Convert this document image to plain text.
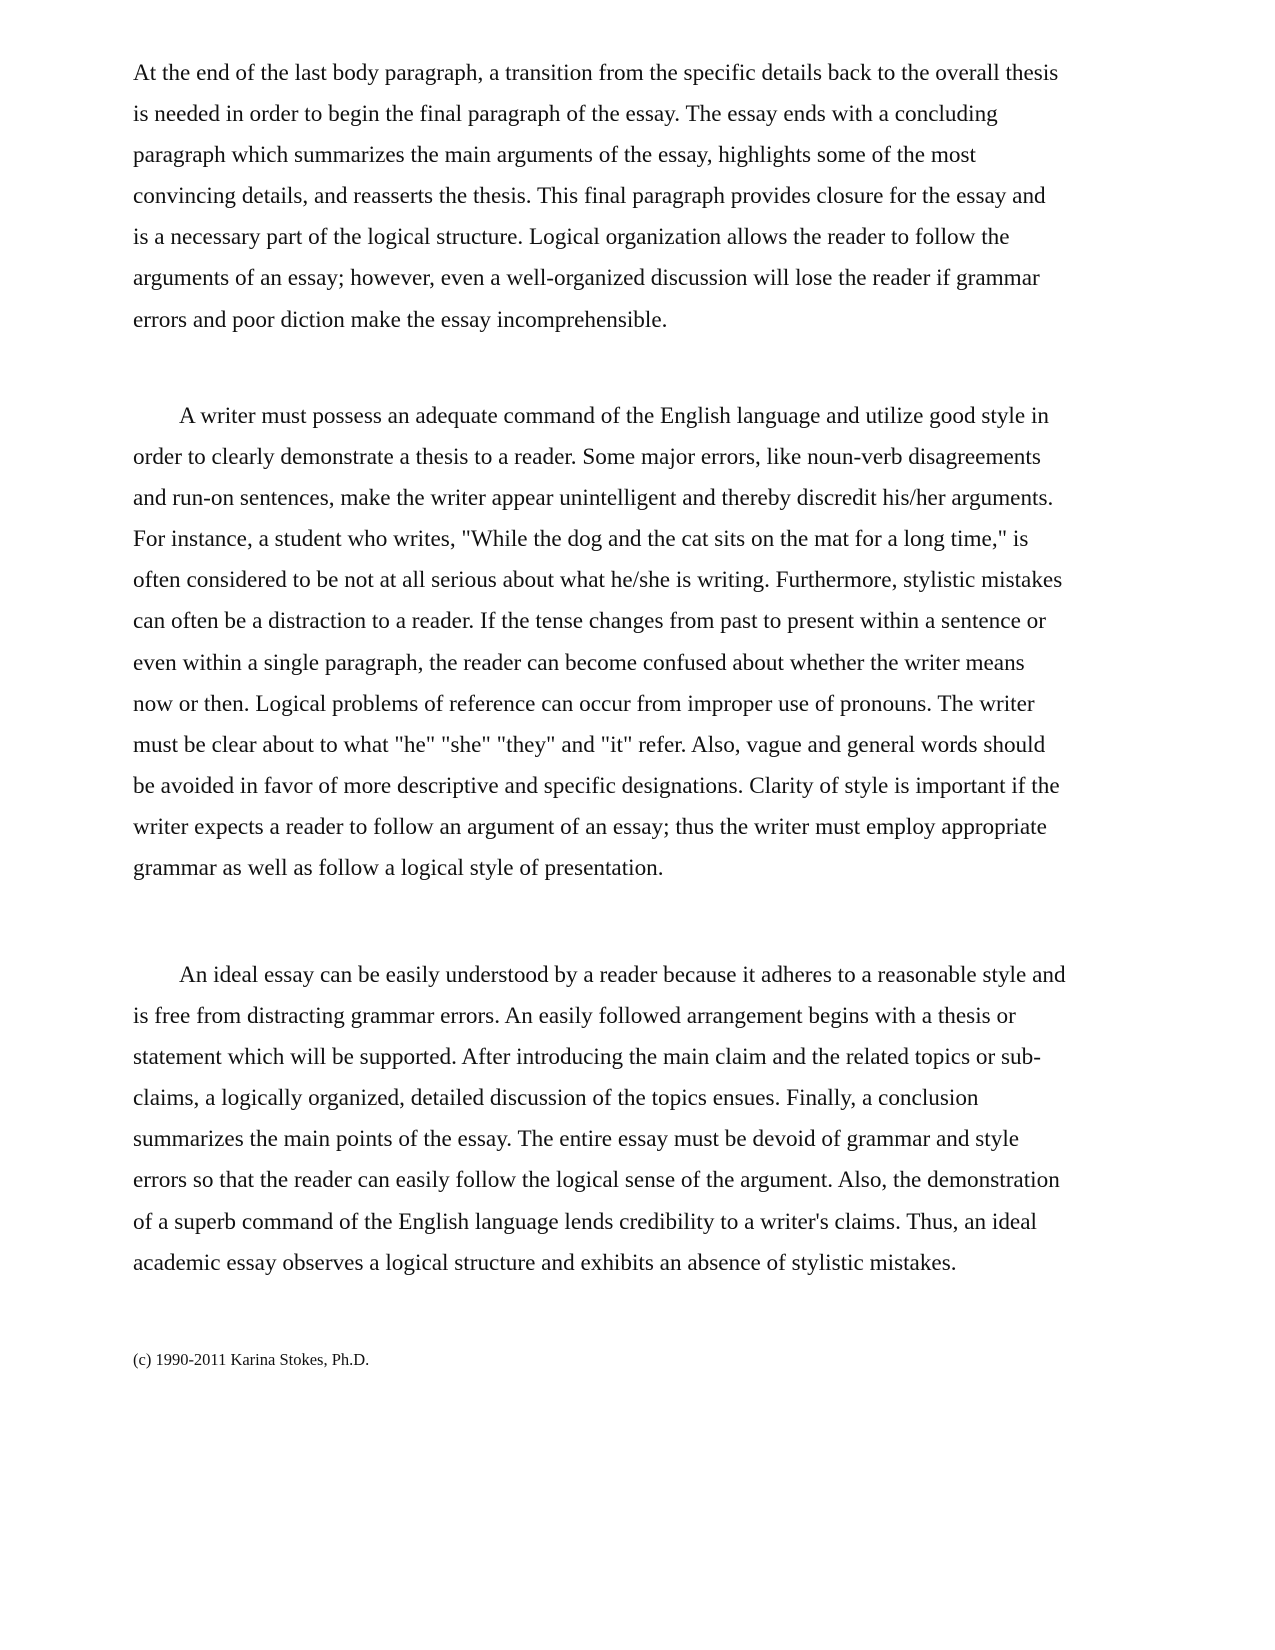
At the end of the last body paragraph, a transition from the specific details back to the overall thesis
is needed in order to begin the final paragraph of the essay. The essay ends with a concluding
paragraph which summarizes the main arguments of the essay, highlights some of the most
convincing details, and reasserts the thesis. This final paragraph provides closure for the essay and
is a necessary part of the logical structure. Logical organization allows the reader to follow the
arguments of an essay; however, even a well-organized discussion will lose the reader if grammar
errors and poor diction make the essay incomprehensible.

A writer must possess an adequate command of the English language and utilize good style in
order to clearly demonstrate a thesis to a reader. Some major errors, like noun-verb disagreements
and run-on sentences, make the writer appear unintelligent and thereby discredit his/her arguments.
For instance, a student who writes, "While the dog and the cat sits on the mat for a long time," is
often considered to be not at all serious about what he/she is writing. Furthermore, stylistic mistakes
can often be a distraction to a reader. If the tense changes from past to present within a sentence or
even within a single paragraph, the reader can become confused about whether the writer means
now or then. Logical problems of reference can occur from improper use of pronouns. The writer
must be clear about to what "he" "she" "they" and "it" refer. Also, vague and general words should
be avoided in favor of more descriptive and specific designations. Clarity of style is important if the
writer expects a reader to follow an argument of an essay; thus the writer must employ appropriate
grammar as well as follow a logical style of presentation.

An ideal essay can be easily understood by a reader because it adheres to a reasonable style and
is free from distracting grammar errors. An easily followed arrangement begins with a thesis or
statement which will be supported. After introducing the main claim and the related topics or sub-
claims, a logically organized, detailed discussion of the topics ensues. Finally, a conclusion
summarizes the main points of the essay. The entire essay must be devoid of grammar and style
errors so that the reader can easily follow the logical sense of the argument. Also, the demonstration
of a superb command of the English language lends credibility to a writer's claims. Thus, an ideal
academic essay observes a logical structure and exhibits an absence of stylistic mistakes.

(c) 1990-2011 Karina Stokes, Ph.D.
